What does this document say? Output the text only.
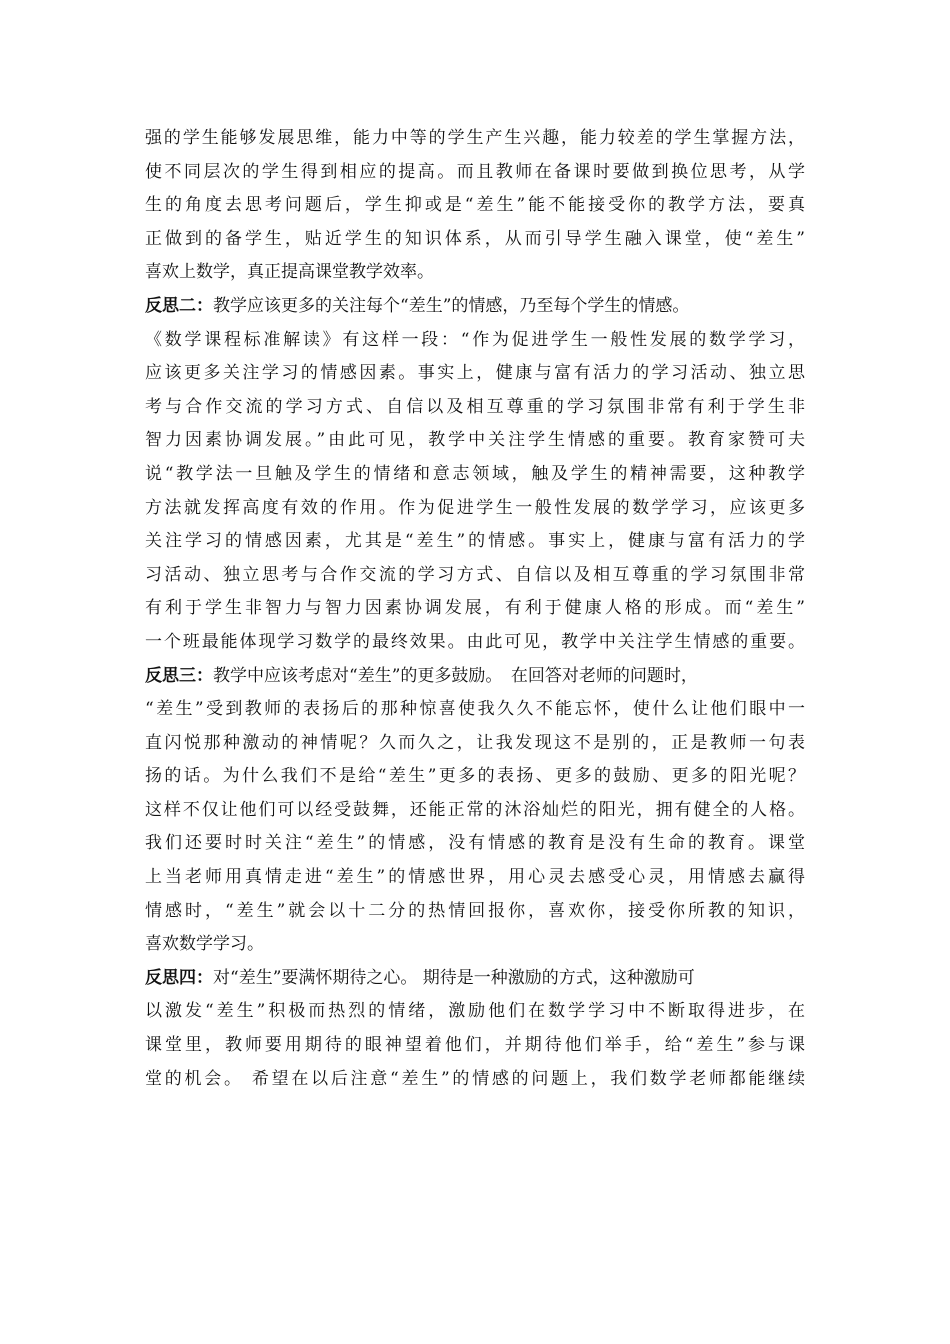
强的学生能够发展思维，能力中等的学生产生兴趣，能力较差的学生掌握方法，
使不同层次的学生得到相应的提高。而且教师在备课时要做到换位思考，从学
生的角度去思考问题后，学生抑或是“差生”能不能接受你的教学方法，要真
正做到的备学生，贴近学生的知识体系，从而引导学生融入课堂，使“差生”
喜欢上数学，真正提高课堂教学效率。
反思二：教学应该更多的关注每个“差生”的情感，乃至每个学生的情感。
《数学课程标准解读》有这样一段：“作为促进学生一般性发展的数学学习，
应该更多关注学习的情感因素。事实上，健康与富有活力的学习活动、独立思
考与合作交流的学习方式、自信以及相互尊重的学习氛围非常有利于学生非
智力因素协调发展。”由此可见，教学中关注学生情感的重要。教育家赞可夫
说“教学法一旦触及学生的情绪和意志领域，触及学生的精神需要，这种教学
方法就发挥高度有效的作用。作为促进学生一般性发展的数学学习，应该更多
关注学习的情感因素，尤其是“差生”的情感。事实上，健康与富有活力的学
习活动、独立思考与合作交流的学习方式、自信以及相互尊重的学习氛围非常
有利于学生非智力与智力因素协调发展，有利于健康人格的形成。而“差生”
一个班最能体现学习数学的最终效果。由此可见，教学中关注学生情感的重要。
反思三：教学中应该考虑对“差生”的更多鼓励。　在回答对老师的问题时，
“差生”受到教师的表扬后的那种惊喜使我久久不能忘怀，使什么让他们眼中一
直闪悦那种激动的神情呢？久而久之，让我发现这不是别的，正是教师一句表
扬的话。为什么我们不是给“差生”更多的表扬、更多的鼓励、更多的阳光呢？
这样不仅让他们可以经受鼓舞，还能正常的沐浴灿烂的阳光，拥有健全的人格。
我们还要时时关注“差生”的情感，没有情感的教育是没有生命的教育。课堂
上当老师用真情走进“差生”的情感世界，用心灵去感受心灵，用情感去赢得
情感时，“差生”就会以十二分的热情回报你，喜欢你，接受你所教的知识，
喜欢数学学习。
反思四：对“差生”要满怀期待之心。 期待是一种激励的方式，这种激励可
以激发“差生”积极而热烈的情绪，激励他们在数学学习中不断取得进步，在
课堂里，教师要用期待的眼神望着他们，并期待他们举手，给“差生”参与课
堂的机会。 希望在以后注意“差生”的情感的问题上，我们数学老师都能继续
